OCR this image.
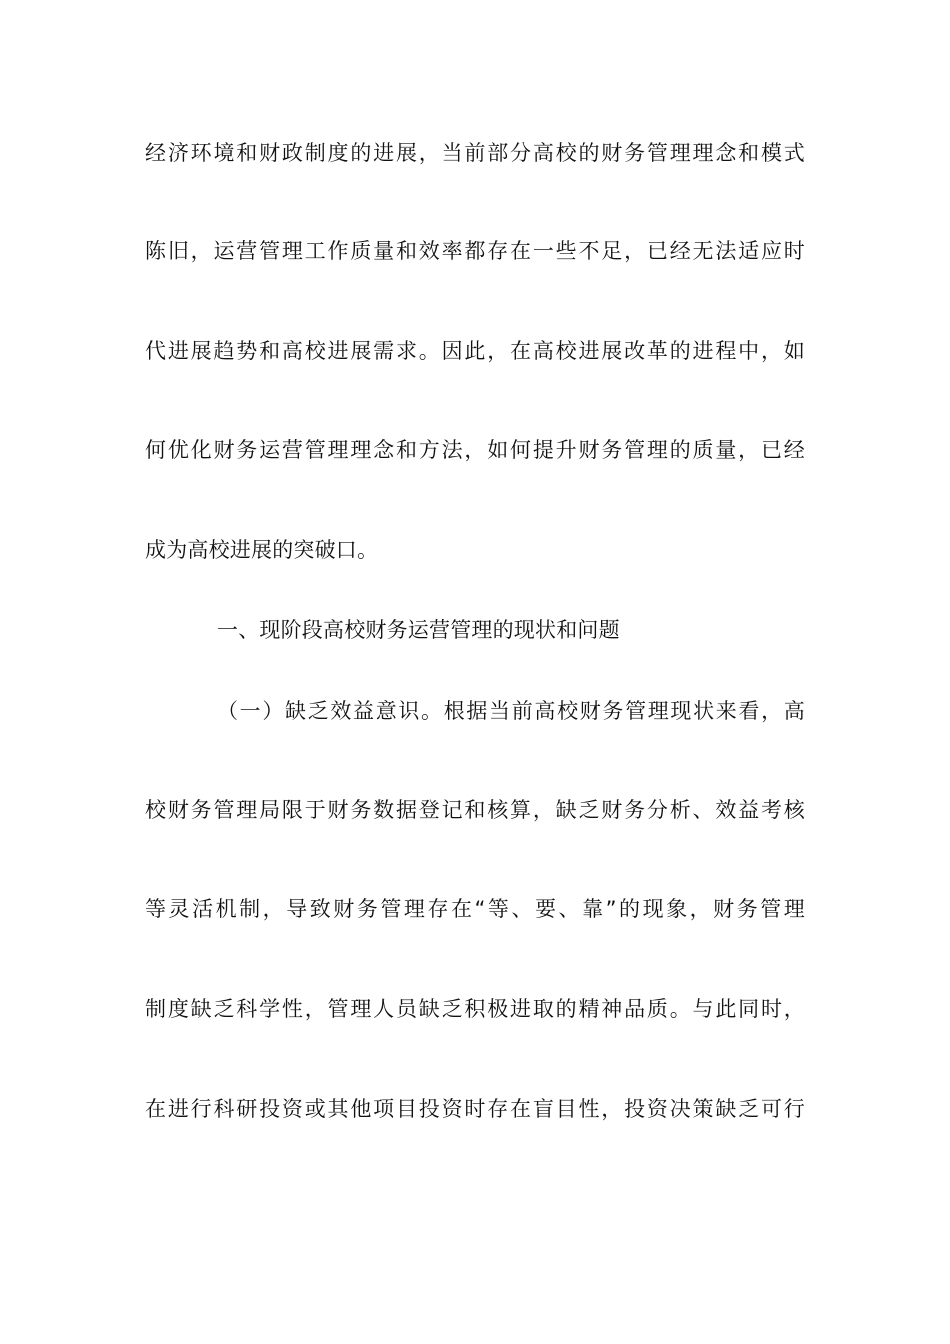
经济环境和财政制度的进展，当前部分高校的财务管理理念和模式
陈旧，运营管理工作质量和效率都存在一些不足，已经无法适应时
代进展趋势和高校进展需求。因此，在高校进展改革的进程中，如
何优化财务运营管理理念和方法，如何提升财务管理的质量，已经
成为高校进展的突破口。
一、现阶段高校财务运营管理的现状和问题
（一）缺乏效益意识。根据当前高校财务管理现状来看，高
校财务管理局限于财务数据登记和核算，缺乏财务分析、效益考核
等灵活机制，导致财务管理存在“等、要、靠”的现象，财务管理
制度缺乏科学性，管理人员缺乏积极进取的精神品质。与此同时，
在进行科研投资或其他项目投资时存在盲目性，投资决策缺乏可行
